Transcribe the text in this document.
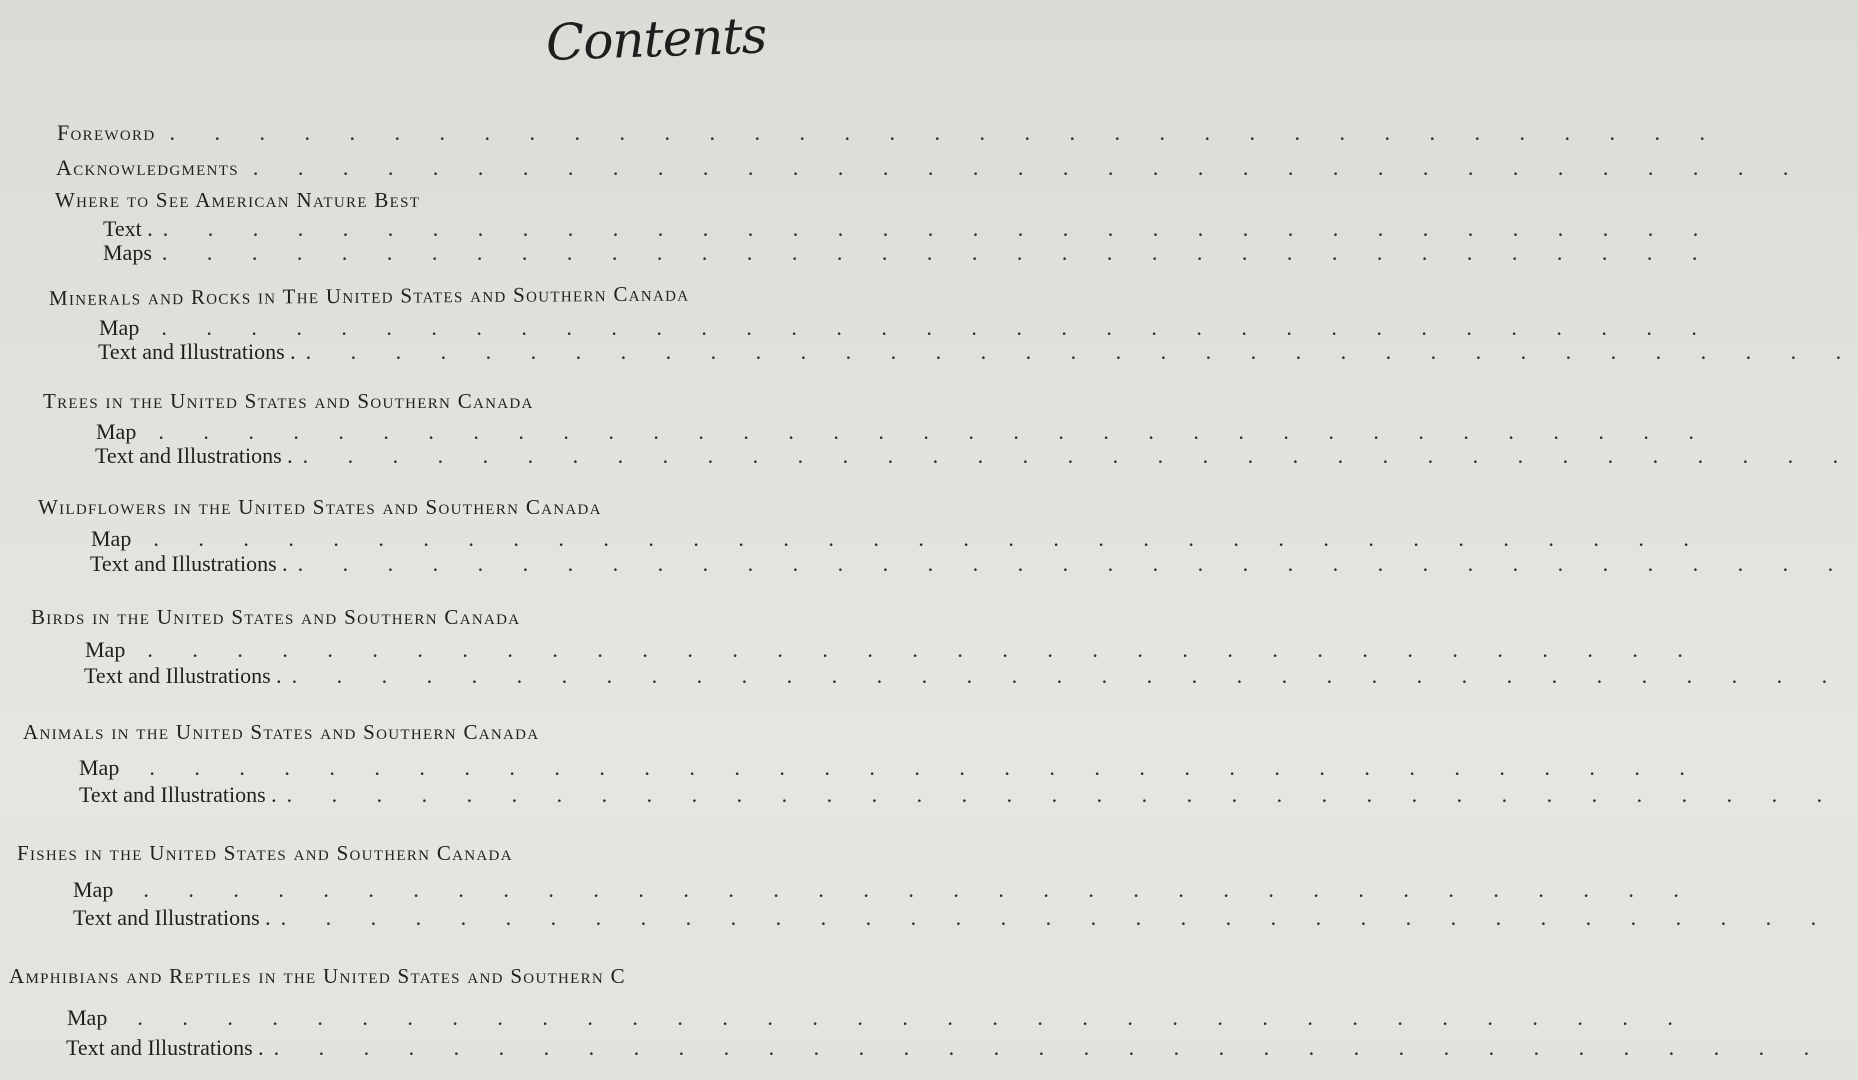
Contents
Foreword . . . . . . . . . . . . . . . . . . . . . . . . . . . . . . . . . . .
Acknowledgments . . . . . . . . . . . . . . . . . . . . . . . . . . . . . . . . . . .
Where to See American Nature Best
Text . . . . . . . . . . . . . . . . . . . . . . . . . . . . . . . . . . . .
Maps . . . . . . . . . . . . . . . . . . . . . . . . . . . . . . . . . . .
Minerals and Rocks in The United States and Southern Canada
Map . . . . . . . . . . . . . . . . . . . . . . . . . . . . . . . . . . .
Text and Illustrations . . . . . . . . . . . . . . . . . . . . . . . . . . . . . . . . . . . .
Trees in the United States and Southern Canada
Map . . . . . . . . . . . . . . . . . . . . . . . . . . . . . . . . . . .
Text and Illustrations . . . . . . . . . . . . . . . . . . . . . . . . . . . . . . . . . . . .
Wildflowers in the United States and Southern Canada
Map . . . . . . . . . . . . . . . . . . . . . . . . . . . . . . . . . . .
Text and Illustrations . . . . . . . . . . . . . . . . . . . . . . . . . . . . . . . . . . . .
Birds in the United States and Southern Canada
Map . . . . . . . . . . . . . . . . . . . . . . . . . . . . . . . . . . .
Text and Illustrations . . . . . . . . . . . . . . . . . . . . . . . . . . . . . . . . . . . .
Animals in the United States and Southern Canada
Map . . . . . . . . . . . . . . . . . . . . . . . . . . . . . . . . . . .
Text and Illustrations . . . . . . . . . . . . . . . . . . . . . . . . . . . . . . . . . . . .
Fishes in the United States and Southern Canada
Map . . . . . . . . . . . . . . . . . . . . . . . . . . . . . . . . . . .
Text and Illustrations . . . . . . . . . . . . . . . . . . . . . . . . . . . . . . . . . . . .
Amphibians and Reptiles in the United States and Southern C
Map . . . . . . . . . . . . . . . . . . . . . . . . . . . . . . . . . . .
Text and Illustrations . . . . . . . . . . . . . . . . . . . . . . . . . . . . . . . . . . . .
